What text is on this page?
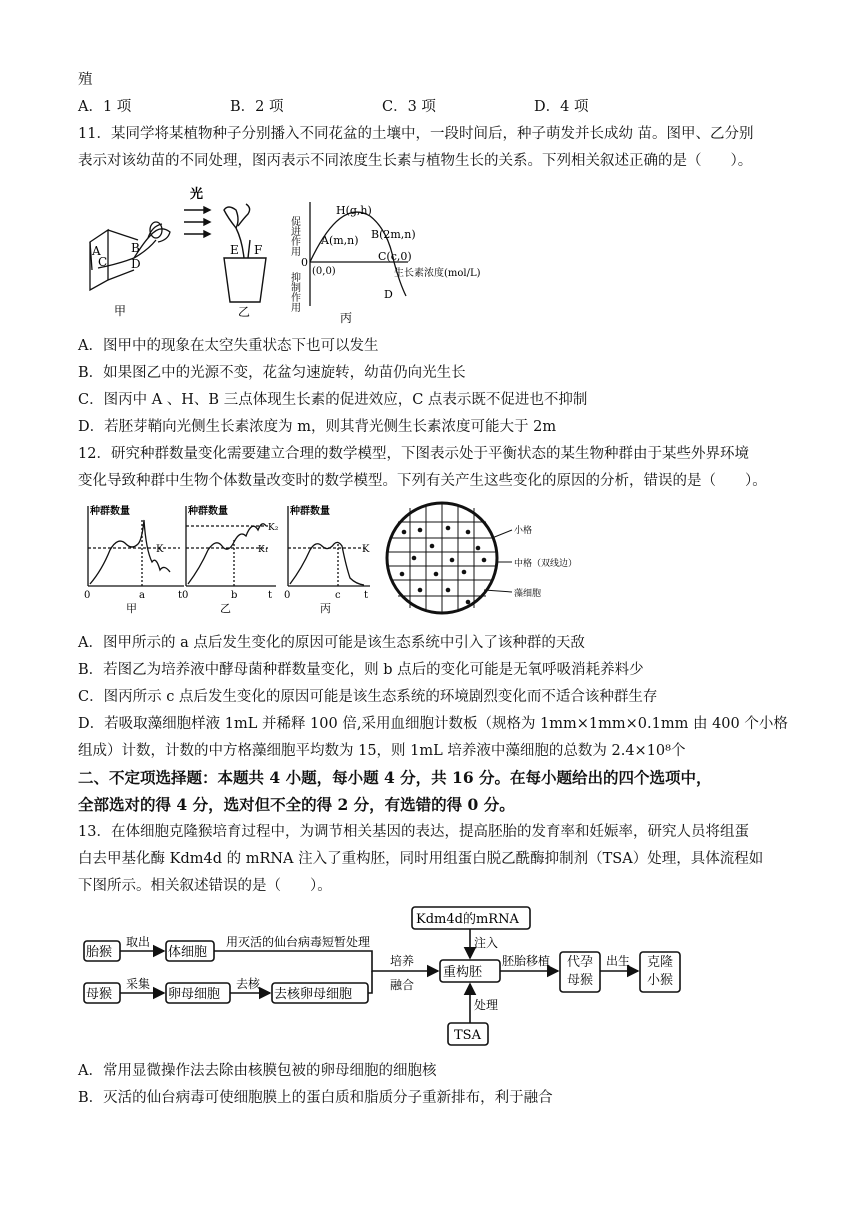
殖
A．1 项	B．2 项	C．3 项	D．4 项
11．某同学将某植物种子分别播入不同花盆的土壤中，一段时间后，种子萌发并长成幼 苗。图甲、乙分别
表示对该幼苗的不同处理，图丙表示不同浓度生长素与植物生长的关系。下列相关叙述正确的是（　　）。
A
C
B
D
甲
光
E F
乙
促进作用
抑制作用
0
H(g,h)
A(m,n) B(2m,n)
C(c,0)
(0,0)	生长素浓度(mol/L)
D
丙
A．图甲中的现象在太空失重状态下也可以发生
B．如果图乙中的光源不变，花盆匀速旋转，幼苗仍向光生长
C．图丙中 A 、H、B 三点体现生长素的促进效应，C 点表示既不促进也不抑制
D．若胚芽鞘向光侧生长素浓度为 m，则其背光侧生长素浓度可能大于 2m
12．研究种群数量变化需要建立合理的数学模型，下图表示处于平衡状态的某生物种群由于某些外界环境
变化导致种群中生物个体数量改变时的数学模型。下列有关产生这些变化的原因的分析，错误的是（　　）。
种群数量
K
0	a	t
甲
种群数量
K₂
K₁
0	b	t
乙
种群数量
K
0	c t
丙
小格
中格（双线边）
藻细胞
A．图甲所示的 a 点后发生变化的原因可能是该生态系统中引入了该种群的天敌
B．若图乙为培养液中酵母菌种群数量变化，则 b 点后的变化可能是无氧呼吸消耗养料少
C．图丙所示 c 点后发生变化的原因可能是该生态系统的环境剧烈变化而不适合该种群生存
D．若吸取藻细胞样液 1mL 并稀释 100 倍,采用血细胞计数板（规格为 1mm×1mm×0.1mm 由 400 个小格
组成）计数，计数的中方格藻细胞平均数为 15，则 1mL 培养液中藻细胞的总数为 2.4×10⁸个
二、不定项选择题：本题共 4 小题，每小题 4 分，共 16 分。在每小题给出的四个选项中，
全部选对的得 4 分，选对但不全的得 2 分，有选错的得 0 分。
13．在体细胞克隆猴培育过程中，为调节相关基因的表达，提高胚胎的发育率和妊娠率，研究人员将组蛋
白去甲基化酶 Kdm4d 的 mRNA 注入了重构胚，同时用组蛋白脱乙酰酶抑制剂（TSA）处理，具体流程如
下图所示。相关叙述错误的是（　　）。
胎猴
取出
体细胞
用灭活的仙台病毒短暂处理
母猴
采集
卵母细胞
去核
去核卵母细胞
培养
融合
Kdm4d的mRNA
注入
重构胚
处理
TSA
胚胎移植	出生
代孕母猴
克隆小猴
A．常用显微操作法去除由核膜包被的卵母细胞的细胞核
B．灭活的仙台病毒可使细胞膜上的蛋白质和脂质分子重新排布，利于融合
